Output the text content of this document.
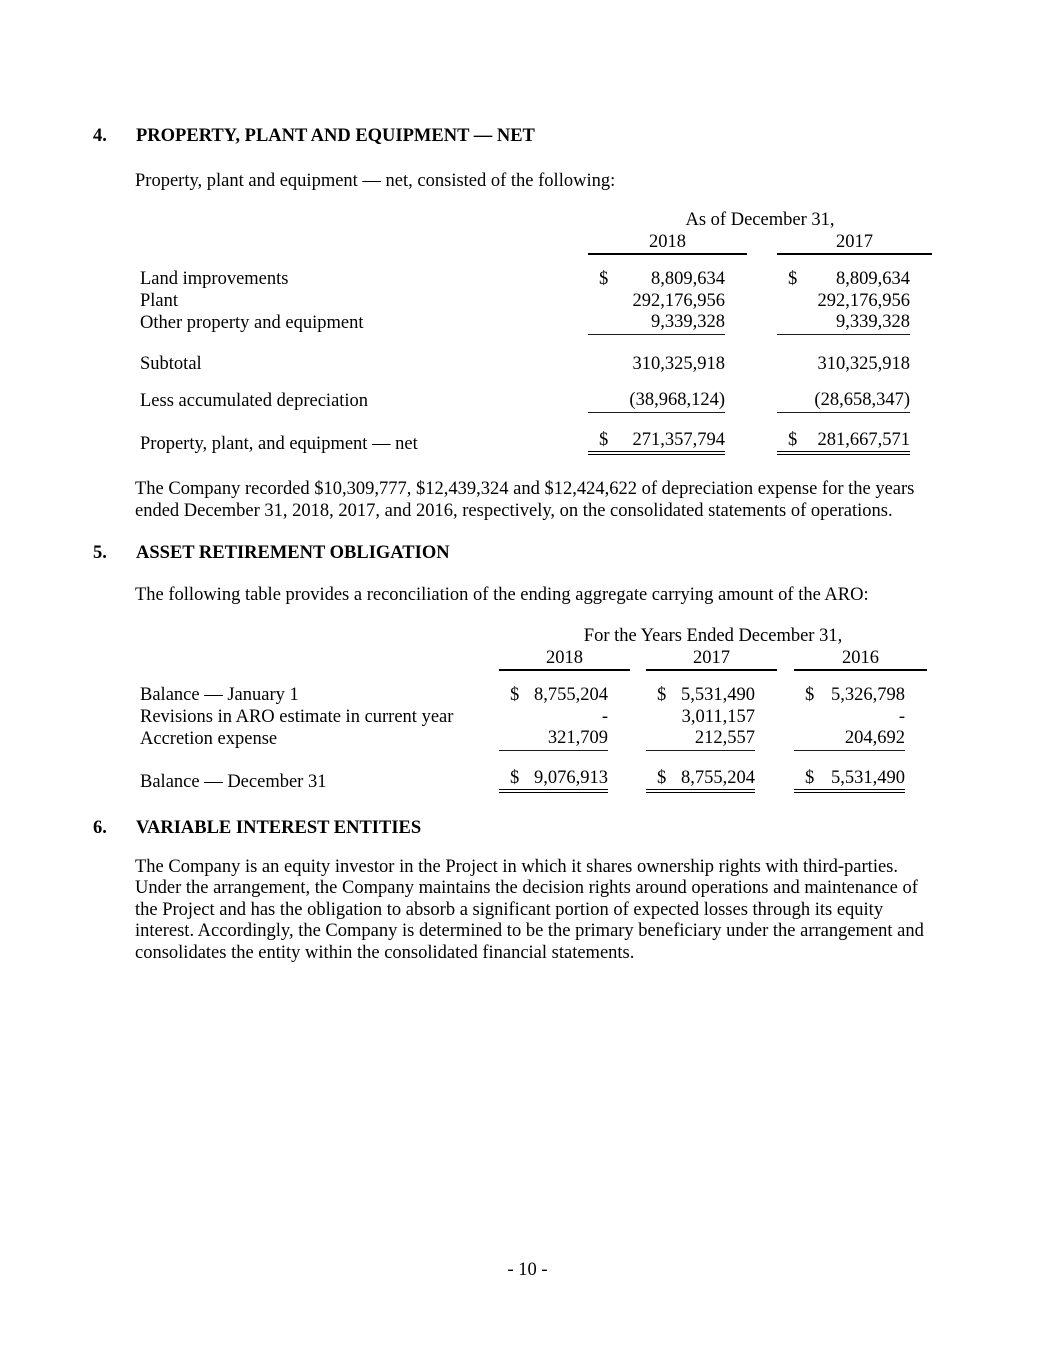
4. PROPERTY, PLANT AND EQUIPMENT — NET
Property, plant and equipment — net, consisted of the following:
	As of December 31,		
	2018		2017

Land improvements	$ 8,809,634		$ 8,809,634

Plant	292,176,956		292,176,956

Other property and equipment	9,339,328		9,339,328

Subtotal	310,325,918		310,325,918

Less accumulated depreciation	(38,968,124)		(28,658,347)

Property, plant, and equipment — net	$ 271,357,794		$ 281,667,571
The Company recorded $10,309,777, $12,439,324 and $12,424,622 of depreciation expense for the years
ended December 31, 2018, 2017, and 2016, respectively, on the consolidated statements of operations.
5. ASSET RETIREMENT OBLIGATION
The following table provides a reconciliation of the ending aggregate carrying amount of the ARO:
	For the Years Ended December 31,				
	2018		2017		2016

Balance — January 1	$ 8,755,204		$ 5,531,490		$ 5,326,798

Revisions in ARO estimate in current year	-		3,011,157		-

Accretion expense	321,709		212,557		204,692

Balance — December 31	$ 9,076,913		$ 8,755,204		$ 5,531,490
6. VARIABLE INTEREST ENTITIES
The Company is an equity investor in the Project in which it shares ownership rights with third-parties.
Under the arrangement, the Company maintains the decision rights around operations and maintenance of
the Project and has the obligation to absorb a significant portion of expected losses through its equity
interest. Accordingly, the Company is determined to be the primary beneficiary under the arrangement and
consolidates the entity within the consolidated financial statements.
- 10 -
